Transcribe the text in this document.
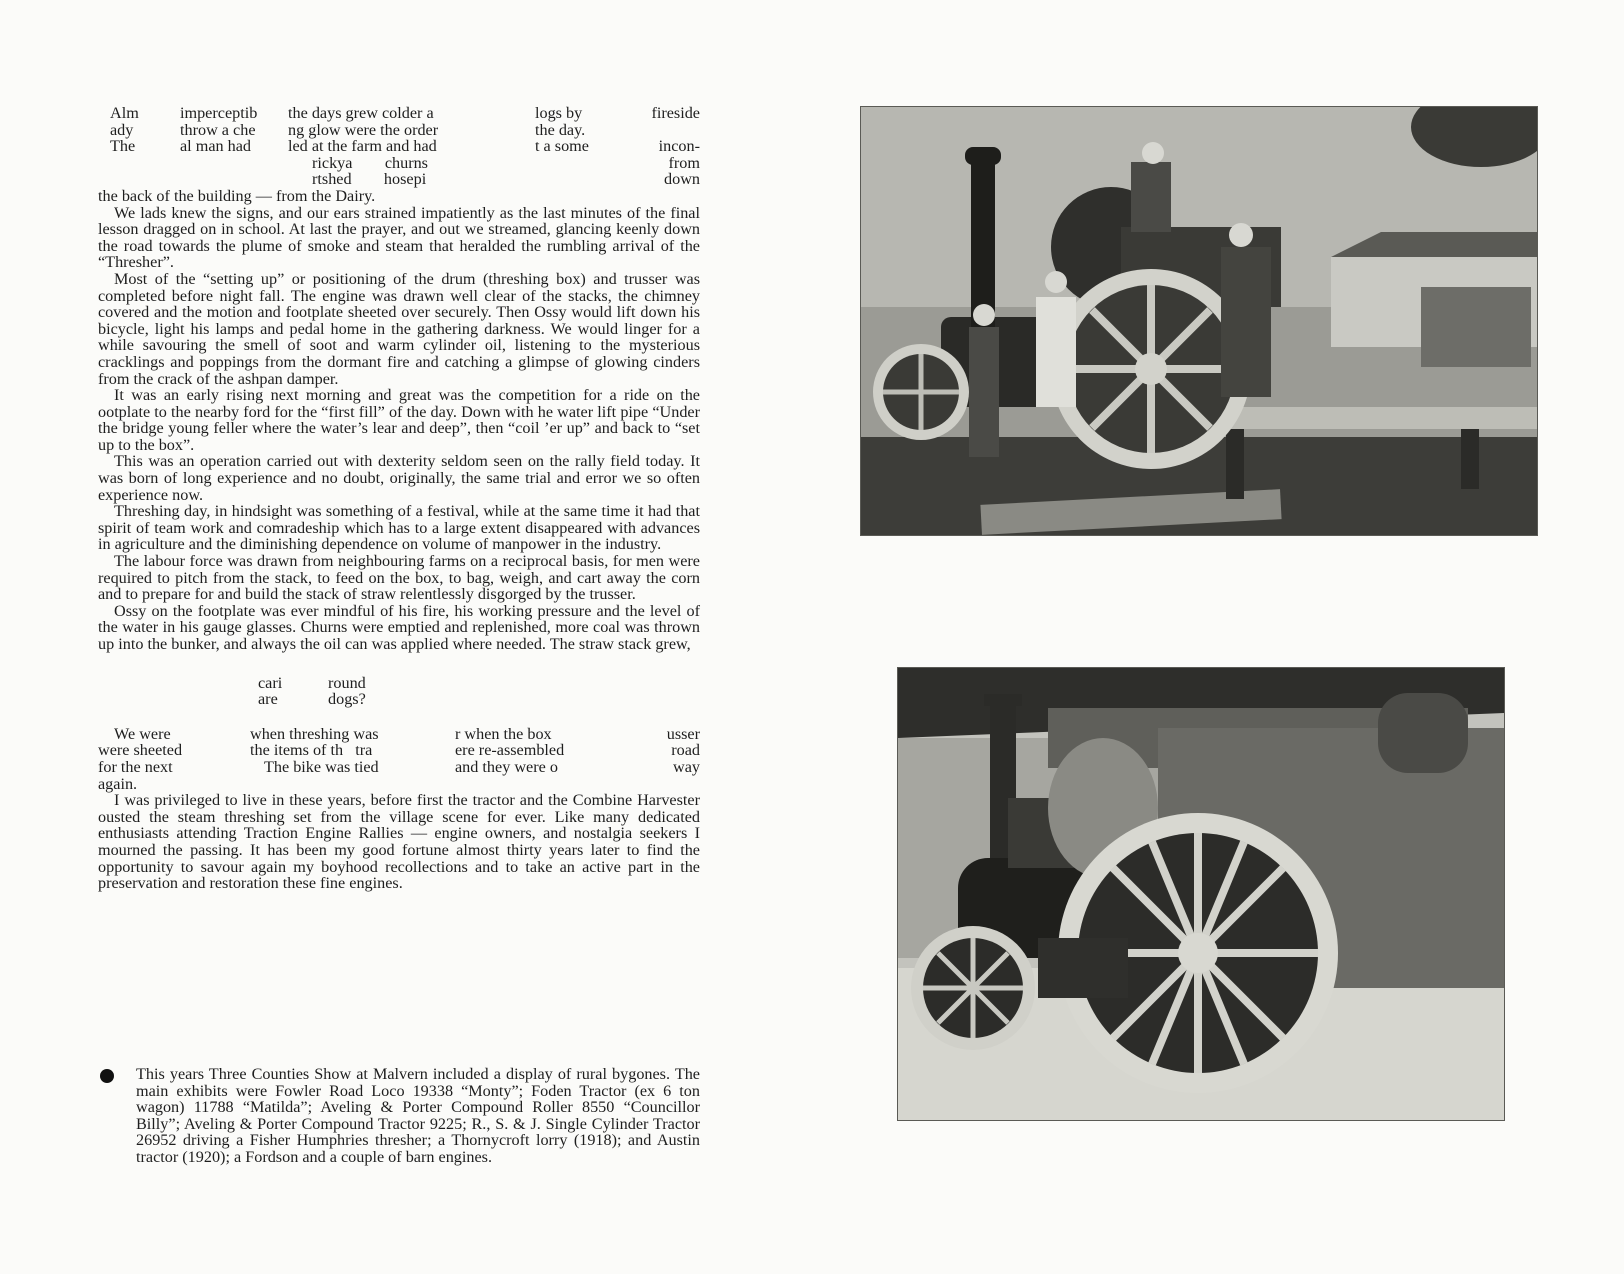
Alm	imperceptib	the days grew colder a	logs by	fireside
ady	throw a che	ng glow were the order	the day.
The	al man had	led at the farm and had	t a some	incon-
rickya        churns	from
rtshed        hosepi	down

the back of the building — from the Dairy.

We lads knew the signs, and our ears strained impatiently as the last minutes of the final lesson dragged on in school. At last the prayer, and out we streamed, glancing keenly down the road towards the plume of smoke and steam that heralded the rumbling arrival of the “Thresher”.

Most of the “setting up” or positioning of the drum (threshing box) and trusser was completed before night fall. The engine was drawn well clear of the stacks, the chimney covered and the motion and footplate sheeted over securely. Then Ossy would lift down his bicycle, light his lamps and pedal home in the gathering darkness. We would linger for a while savouring the smell of soot and warm cylinder oil, listening to the mysterious cracklings and poppings from the dormant fire and catching a glimpse of glowing cinders from the crack of the ashpan damper.

It was an early rising next morning and great was the competition for a ride on the ootplate to the nearby ford for the “first fill” of the day. Down with he water lift pipe “Under the bridge young feller where the water’s lear and deep”, then “coil ’er up” and back to “set up to the box”.

This was an operation carried out with dexterity seldom seen on the rally field today. It was born of long experience and no doubt, originally, the same trial and error we so often experience now.

Threshing day, in hindsight was something of a festival, while at the same time it had that spirit of team work and comradeship which has to a large extent disappeared with advances in agriculture and the diminishing dependence on volume of manpower in the industry.

The labour force was drawn from neighbouring farms on a reciprocal basis, for men were required to pitch from the stack, to feed on the box, to bag, weigh, and cart away the corn and to prepare for and build the stack of straw relentlessly disgorged by the trusser.

Ossy on the footplate was ever mindful of his fire, his working pressure and the level of the water in his gauge glasses. Churns were emptied and replenished, more coal was thrown up into the bunker, and always the oil can was applied where needed. The straw stack grew,

cari	round
are	dogs?
We were	when threshing was	r when the box	usser
were sheeted	the items of th   tra	ere re-assembled	road
for the next	The bike was tied	and they were o	way

again.

I was privileged to live in these years, before first the tractor and the Combine Harvester ousted the steam threshing set from the village scene for ever. Like many dedicated enthusiasts attending Traction Engine Rallies — engine owners, and nostalgia seekers I mourned the passing. It has been my good fortune almost thirty years later to find the opportunity to savour again my boyhood recollections and to take an active part in the preservation and restoration these fine engines.

This years Three Counties Show at Malvern included a display of rural bygones. The main exhibits were Fowler Road Loco 19338 “Monty”; Foden Tractor (ex 6 ton wagon) 11788 “Matilda”; Aveling & Porter Compound Roller 8550 “Councillor Billy”; Aveling & Porter Compound Tractor 9225; R., S. & J. Single Cylinder Tractor 26952 driving a Fisher Humphries thresher; a Thornycroft lorry (1918); and Austin tractor (1920); a Fordson and a couple of barn engines.
